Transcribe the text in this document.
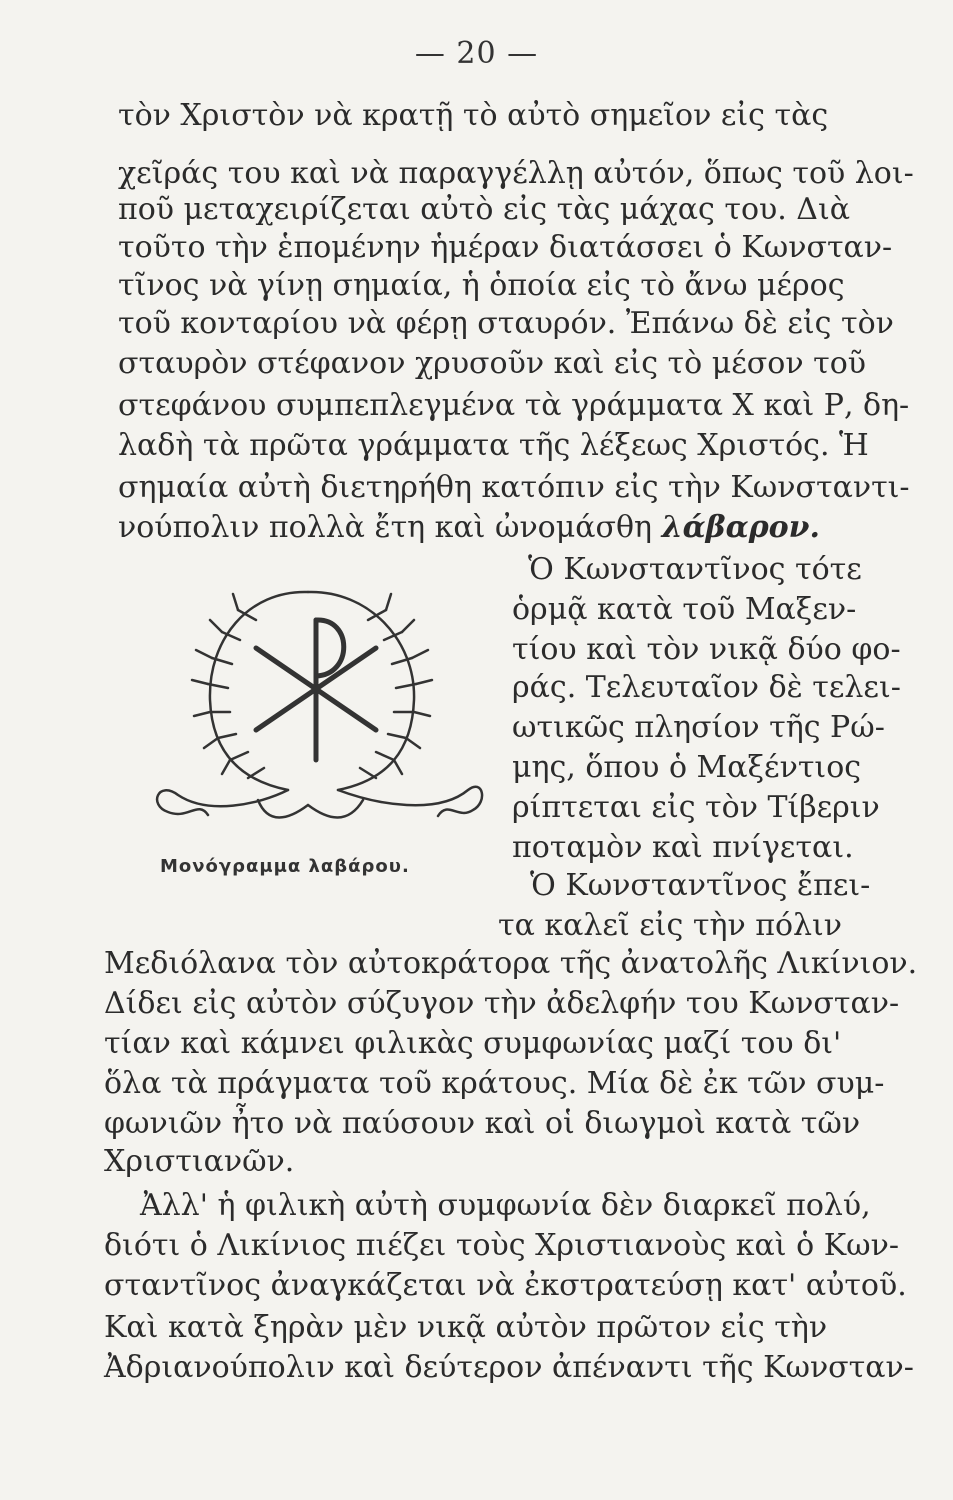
— 20 —
τὸν Χριστὸν νὰ κρατῇ τὸ αὐτὸ σημεῖον εἰς τὰς
χεῖράς του καὶ νὰ παραγγέλλῃ αὐτόν, ὅπως τοῦ λοι-
ποῦ μεταχειρίζεται αὐτὸ εἰς τὰς μάχας του. Διὰ
τοῦτο τὴν ἑπομένην ἡμέραν διατάσσει ὁ Κωνσταν-
τῖνος νὰ γίνῃ σημαία, ἡ ὁποία εἰς τὸ ἄνω μέρος
τοῦ κονταρίου νὰ φέρῃ σταυρόν. Ἐπάνω δὲ εἰς τὸν
σταυρὸν στέφανον χρυσοῦν καὶ εἰς τὸ μέσον τοῦ
στεφάνου συμπεπλεγμένα τὰ γράμματα Χ καὶ Ρ, δη-
λαδὴ τὰ πρῶτα γράμματα τῆς λέξεως Χριστός. Ἡ
σημαία αὐτὴ διετηρήθη κατόπιν εἰς τὴν Κωνσταντι-
νούπολιν πολλὰ ἔτη καὶ ὠνομάσθη λάβαρον.
Ὁ Κωνσταντῖνος τότε
ὁρμᾷ κατὰ τοῦ Μαξεν-
τίου καὶ τὸν νικᾷ δύο φο-
ράς. Τελευταῖον δὲ τελει-
ωτικῶς πλησίον τῆς Ρώ-
μης, ὅπου ὁ Μαξέντιος
ρίπτεται εἰς τὸν Τίβεριν
ποταμὸν καὶ πνίγεται.
Ὁ Κωνσταντῖνος ἔπει-
τα καλεῖ εἰς τὴν πόλιν
Μεδιόλανα τὸν αὐτοκράτορα τῆς ἀνατολῆς Λικίνιον.
Δίδει εἰς αὐτὸν σύζυγον τὴν ἀδελφήν του Κωνσταν-
τίαν καὶ κάμνει φιλικὰς συμφωνίας μαζί του δι'
ὅλα τὰ πράγματα τοῦ κράτους. Μία δὲ ἐκ τῶν συμ-
φωνιῶν ἦτο νὰ παύσουν καὶ οἱ διωγμοὶ κατὰ τῶν
Χριστιανῶν.
Ἀλλ' ἡ φιλικὴ αὐτὴ συμφωνία δὲν διαρκεῖ πολύ,
διότι ὁ Λικίνιος πιέζει τοὺς Χριστιανοὺς καὶ ὁ Κων-
σταντῖνος ἀναγκάζεται νὰ ἐκστρατεύσῃ κατ' αὐτοῦ.
Καὶ κατὰ ξηρὰν μὲν νικᾷ αὐτὸν πρῶτον εἰς τὴν
Ἀδριανούπολιν καὶ δεύτερον ἀπέναντι τῆς Κωνσταν-
Μονόγραμμα λαβάρου.
